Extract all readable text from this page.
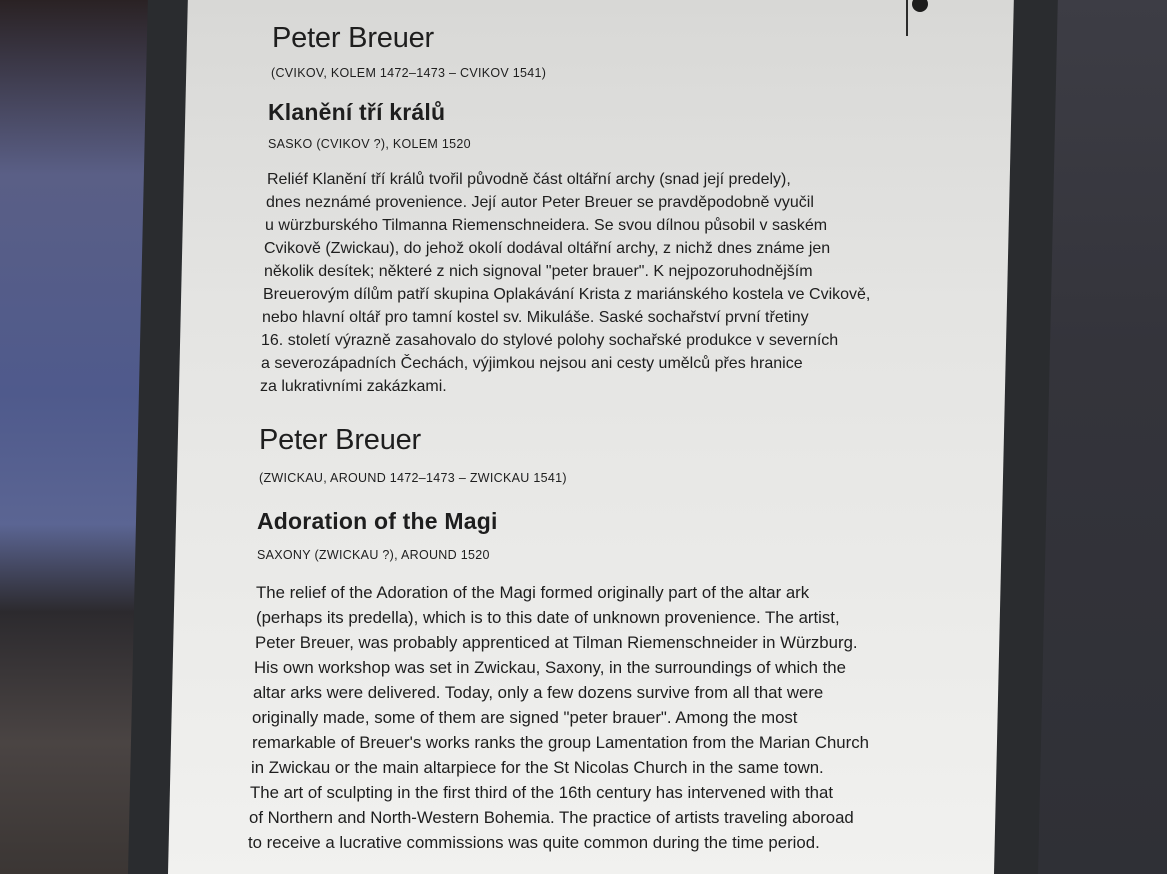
Peter Breuer
(CVIKOV, KOLEM 1472–1473 – CVIKOV 1541)
Klanění tří králů
SASKO (CVIKOV ?), KOLEM 1520
Reliéf Klanění tří králů tvořil původně část oltářní archy (snad její predely),
dnes neznámé provenience. Její autor Peter Breuer se pravděpodobně vyučil
u würzburského Tilmanna Riemenschneidera. Se svou dílnou působil v saském
Cvikově (Zwickau), do jehož okolí dodával oltářní archy, z nichž dnes známe jen
několik desítek; některé z nich signoval "peter brauer". K nejpozoruhodnějším
Breuerovým dílům patří skupina Oplakávání Krista z mariánského kostela ve Cvikově,
nebo hlavní oltář pro tamní kostel sv. Mikuláše. Saské sochařství první třetiny
16. století výrazně zasahovalo do stylové polohy sochařské produkce v severních
a severozápadních Čechách, výjimkou nejsou ani cesty umělců přes hranice
za lukrativními zakázkami.
Peter Breuer
(ZWICKAU, AROUND 1472–1473 – ZWICKAU 1541)
Adoration of the Magi
SAXONY (ZWICKAU ?), AROUND 1520
The relief of the Adoration of the Magi formed originally part of the altar ark
(perhaps its predella), which is to this date of unknown provenience. The artist,
Peter Breuer, was probably apprenticed at Tilman Riemenschneider in Würzburg.
His own workshop was set in Zwickau, Saxony, in the surroundings of which the
altar arks were delivered. Today, only a few dozens survive from all that were
originally made, some of them are signed "peter brauer". Among the most
remarkable of Breuer's works ranks the group Lamentation from the Marian Church
in Zwickau or the main altarpiece for the St Nicolas Church in the same town.
The art of sculpting in the first third of the 16th century has intervened with that
of Northern and North-Western Bohemia. The practice of artists traveling aboroad
to receive a lucrative commissions was quite common during the time period.
